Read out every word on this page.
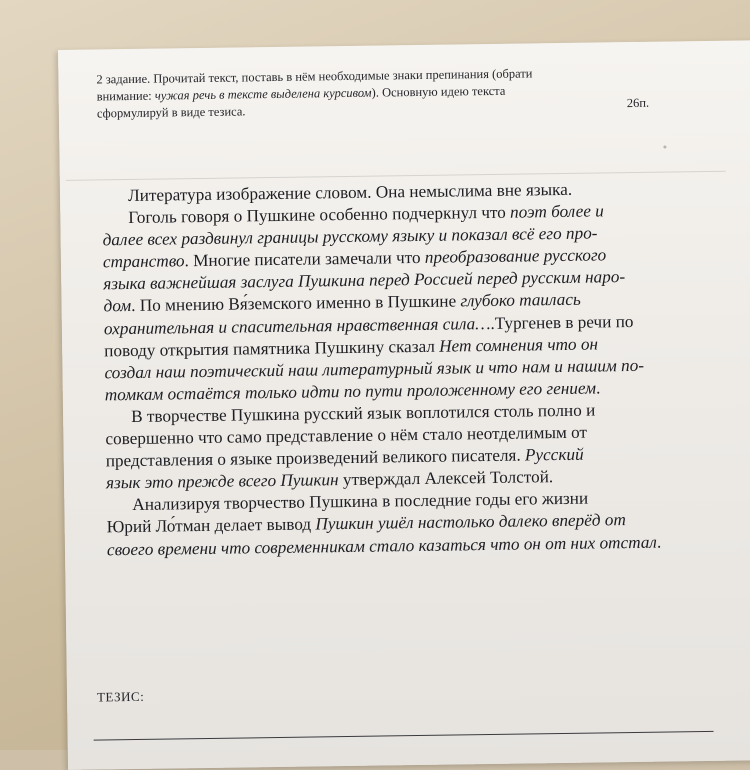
2 задание. Прочитай текст, поставь в нём необходимые знаки препинания (обрати
внимание: чужая речь в тексте выделена курсивом). Основную идею текста
сформулируй в виде тезиса.
26п.

Литература изображение словом. Она немыслима вне языка.
Гоголь говоря о Пушкине особенно подчеркнул что поэт более и
далее всех раздвинул границы русскому языку и показал всё его про-
странство. Многие писатели замечали что преобразование русского
языка важнейшая заслуга Пушкина перед Россией перед русским наро-
дом. По мнению Вя́земского именно в Пушкине глубоко таилась
охранительная и спасительная нравственная сила….Тургенев в речи по
поводу открытия памятника Пушкину сказал Нет сомнения что он
создал наш поэтический наш литературный язык и что нам и нашим по-
томкам остаётся только идти по пути проложенному его гением.

В творчестве Пушкина русский язык воплотился столь полно и
совершенно что само представление о нём стало неотделимым от
представления о языке произведений великого писателя. Русский
язык это прежде всего Пушкин утверждал Алексей Толстой.

Анализируя творчество Пушкина в последние годы его жизни
Юрий Ло́тман делает вывод Пушкин ушёл настолько далеко вперёд от
своего времени что современникам стало казаться что он от них отстал.

ТЕЗИС:
